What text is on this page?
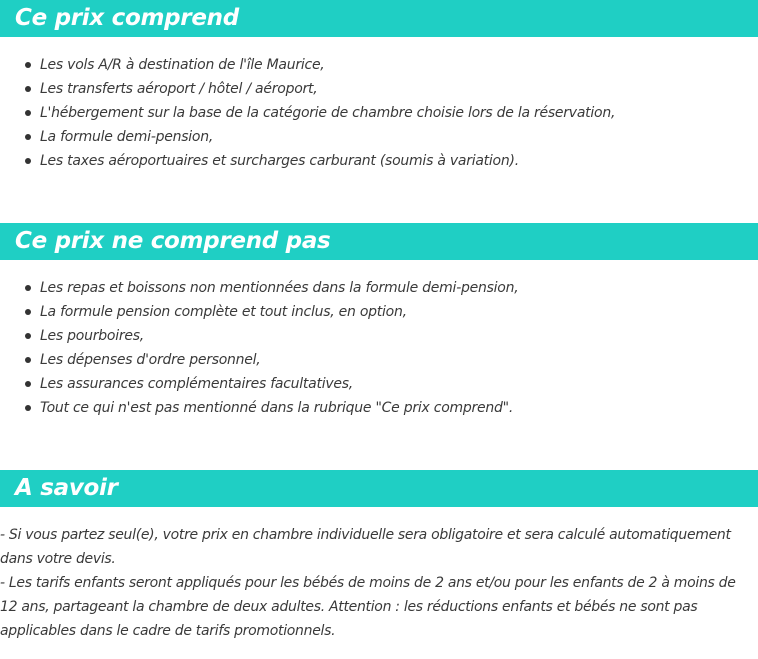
Ce prix comprend
Les vols A/R à destination de l'île Maurice,
Les transferts aéroport / hôtel / aéroport,
L'hébergement sur la base de la catégorie de chambre choisie lors de la réservation,
La formule demi-pension,
Les taxes aéroportuaires et surcharges carburant (soumis à variation).
Ce prix ne comprend pas
Les repas et boissons non mentionnées dans la formule demi-pension,
La formule pension complète et tout inclus, en option,
Les pourboires,
Les dépenses d'ordre personnel,
Les assurances complémentaires facultatives,
Tout ce qui n'est pas mentionné dans la rubrique "Ce prix comprend".
A savoir

- Si vous partez seul(e), votre prix en chambre individuelle sera obligatoire et sera calculé automatiquement dans votre devis.

- Les tarifs enfants seront appliqués pour les bébés de moins de 2 ans et/ou pour les enfants de 2 à moins de 12 ans, partageant la chambre de deux adultes. Attention : les réductions enfants et bébés ne sont pas applicables dans le cadre de tarifs promotionnels.
